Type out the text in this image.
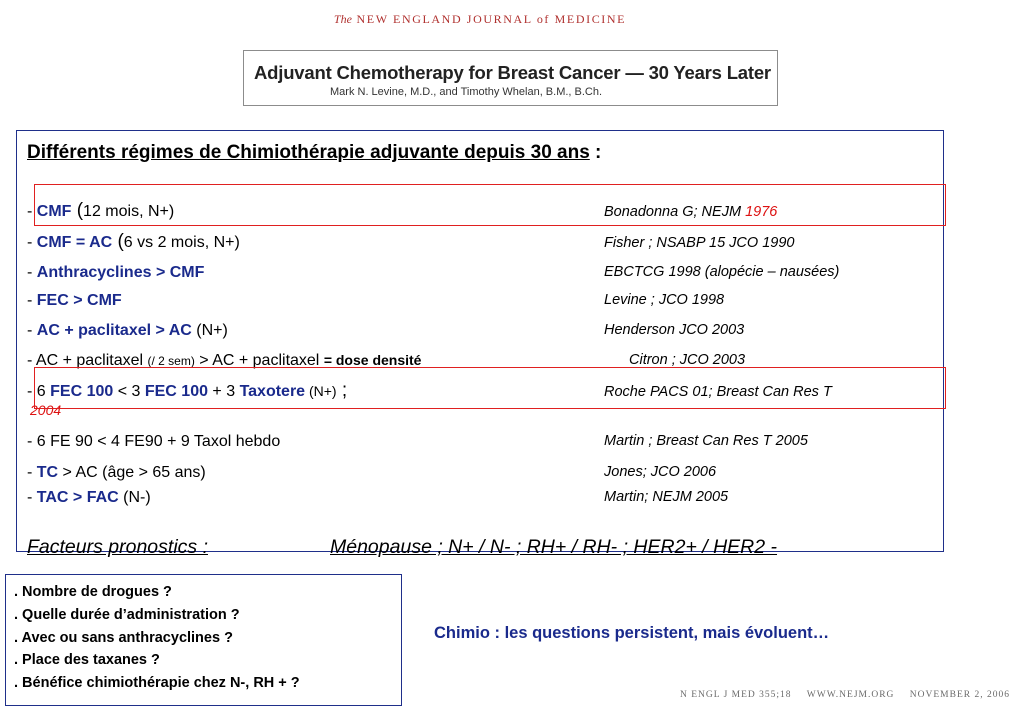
The NEW ENGLAND JOURNAL of MEDICINE
Adjuvant Chemotherapy for Breast Cancer — 30 Years Later
Mark N. Levine, M.D., and Timothy Whelan, B.M., B.Ch.
Différents régimes de Chimiothérapie adjuvante depuis 30 ans :
- CMF (12 mois, N+)	Bonadonna G; NEJM 1976
- CMF = AC (6 vs 2 mois, N+)	Fisher ; NSABP 15 JCO 1990
- Anthracyclines > CMF	EBCTCG 1998 (alopécie – nausées)
- FEC > CMF	Levine ; JCO 1998
- AC + paclitaxel > AC (N+)	Henderson JCO 2003
- AC + paclitaxel (/ 2 sem) > AC + paclitaxel = dose densité	Citron ; JCO 2003
- 6 FEC 100 < 3 FEC 100 + 3 Taxotere (N+) ;	Roche PACS 01; Breast Can Res T
2004
- 6 FE 90 < 4 FE90 + 9 Taxol hebdo	Martin ; Breast Can Res T 2005
- TC > AC (âge > 65 ans)	Jones; JCO 2006
- TAC > FAC (N-)	Martin; NEJM 2005
Facteurs pronostics :	Ménopause ; N+ / N- ; RH+ / RH- ; HER2+ / HER2 -
. Nombre de drogues ?
. Quelle durée d’administration ?
. Avec ou sans anthracyclines ?
. Place des taxanes ?
. Bénéfice chimiothérapie chez N-, RH + ?
Chimio : les questions persistent, mais évoluent…
N ENGL J MED 355;18 WWW.NEJM.ORG NOVEMBER 2, 2006
